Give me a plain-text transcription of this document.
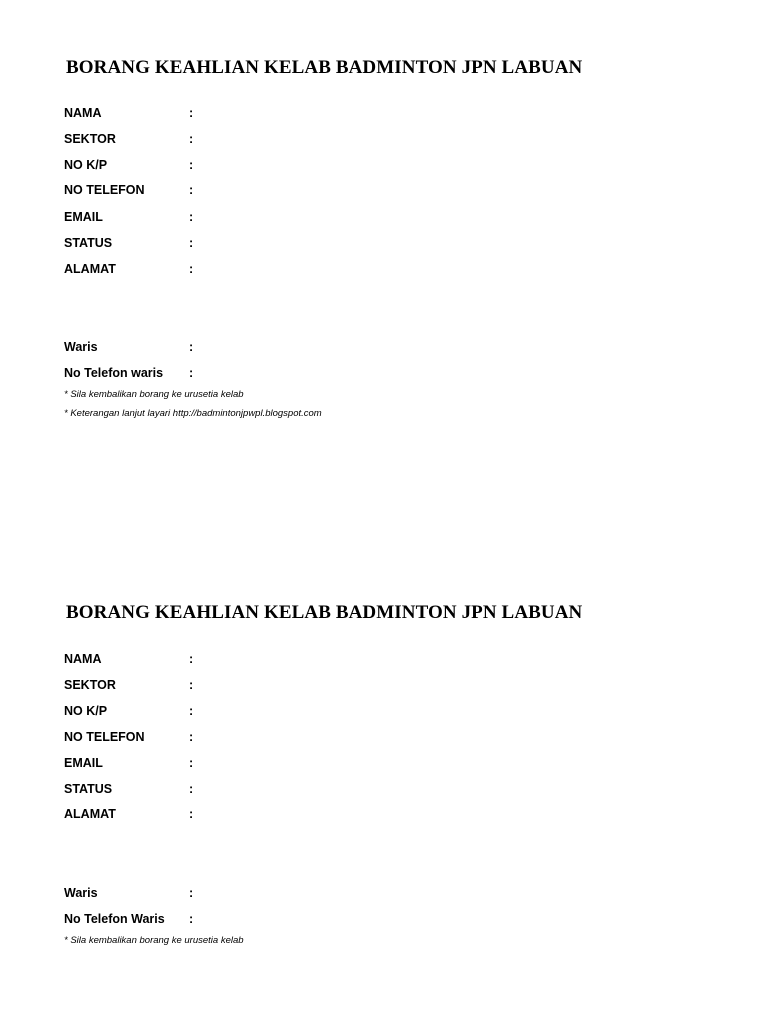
BORANG KEAHLIAN KELAB BADMINTON JPN LABUAN
NAMA	:
SEKTOR	:
NO K/P	:
NO TELEFON	:
EMAIL	:
STATUS	:
ALAMAT	:
Waris	:
No Telefon waris :
* Sila kembalikan borang ke urusetia kelab
* Keterangan lanjut layari http://badmintonjpwpl.blogspot.com
BORANG KEAHLIAN KELAB BADMINTON JPN LABUAN
NAMA	:
SEKTOR	:
NO K/P	:
NO TELEFON	:
EMAIL	:
STATUS	:
ALAMAT	:
Waris	:
No Telefon Waris :
* Sila kembalikan borang ke urusetia kelab
